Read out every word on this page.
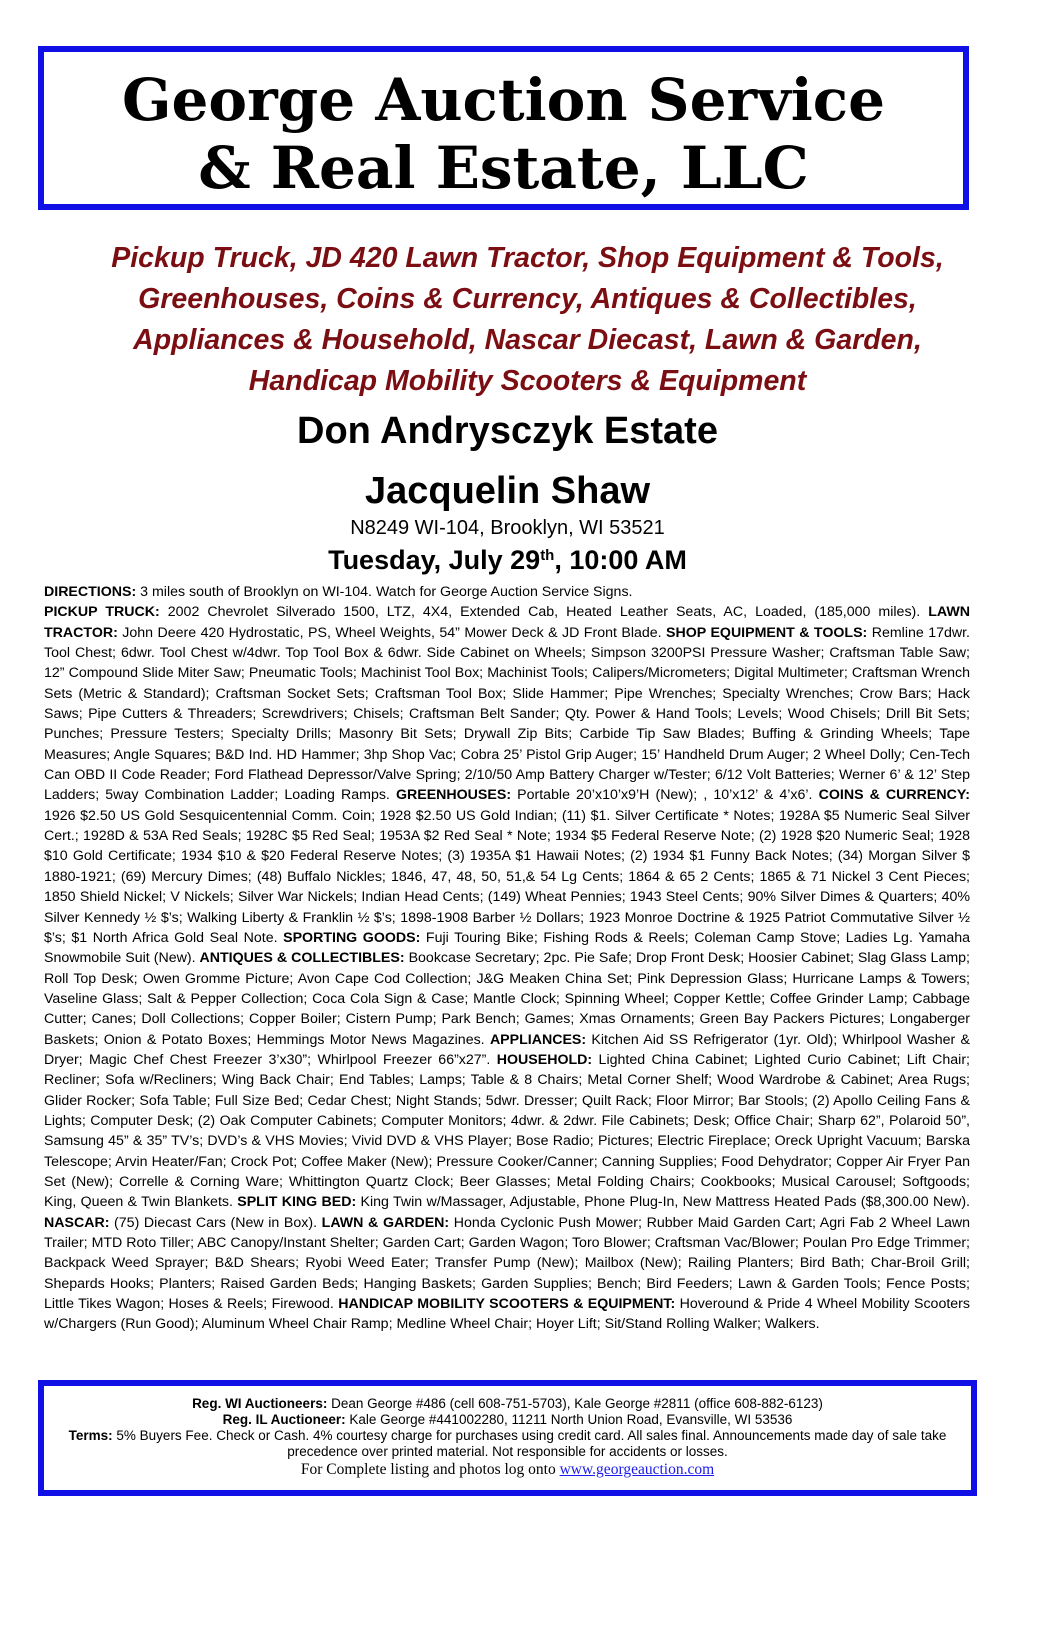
George Auction Service
& Real Estate, LLC
Pickup Truck, JD 420 Lawn Tractor, Shop Equipment & Tools,
Greenhouses, Coins & Currency, Antiques & Collectibles,
Appliances & Household, Nascar Diecast, Lawn & Garden,
Handicap Mobility Scooters & Equipment
Don Andrysczyk Estate
Jacquelin Shaw
N8249 WI-104, Brooklyn, WI 53521
Tuesday, July 29th, 10:00 AM
DIRECTIONS: 3 miles south of Brooklyn on WI-104. Watch for George Auction Service Signs.
PICKUP TRUCK: 2002 Chevrolet Silverado 1500, LTZ, 4X4, Extended Cab, Heated Leather Seats, AC, Loaded, (185,000 miles). LAWN TRACTOR: John Deere 420 Hydrostatic, PS, Wheel Weights, 54” Mower Deck & JD Front Blade. SHOP EQUIPMENT & TOOLS: Remline 17dwr. Tool Chest; 6dwr. Tool Chest w/4dwr. Top Tool Box & 6dwr. Side Cabinet on Wheels; Simpson 3200PSI Pressure Washer; Craftsman Table Saw; 12” Compound Slide Miter Saw; Pneumatic Tools; Machinist Tool Box; Machinist Tools; Calipers/Micrometers; Digital Multimeter; Craftsman Wrench Sets (Metric & Standard); Craftsman Socket Sets; Craftsman Tool Box; Slide Hammer; Pipe Wrenches; Specialty Wrenches; Crow Bars; Hack Saws; Pipe Cutters & Threaders; Screwdrivers; Chisels; Craftsman Belt Sander; Qty. Power & Hand Tools; Levels; Wood Chisels; Drill Bit Sets; Punches; Pressure Testers; Specialty Drills; Masonry Bit Sets; Drywall Zip Bits; Carbide Tip Saw Blades; Buffing & Grinding Wheels; Tape Measures; Angle Squares; B&D Ind. HD Hammer; 3hp Shop Vac; Cobra 25’ Pistol Grip Auger; 15’ Handheld Drum Auger; 2 Wheel Dolly; Cen-Tech Can OBD II Code Reader; Ford Flathead Depressor/Valve Spring; 2/10/50 Amp Battery Charger w/Tester; 6/12 Volt Batteries; Werner 6’ & 12’ Step Ladders; 5way Combination Ladder; Loading Ramps. GREENHOUSES: Portable 20’x10’x9’H (New); , 10’x12’ & 4’x6’. COINS & CURRENCY: 1926 $2.50 US Gold Sesquicentennial Comm. Coin; 1928 $2.50 US Gold Indian; (11) $1. Silver Certificate * Notes; 1928A $5 Numeric Seal Silver Cert.; 1928D & 53A Red Seals; 1928C $5 Red Seal; 1953A $2 Red Seal * Note; 1934 $5 Federal Reserve Note; (2) 1928 $20 Numeric Seal; 1928 $10 Gold Certificate; 1934 $10 & $20 Federal Reserve Notes; (3) 1935A $1 Hawaii Notes; (2) 1934 $1 Funny Back Notes; (34) Morgan Silver $ 1880-1921; (69) Mercury Dimes; (48) Buffalo Nickles; 1846, 47, 48, 50, 51,& 54 Lg Cents; 1864 & 65 2 Cents; 1865 & 71 Nickel 3 Cent Pieces; 1850 Shield Nickel; V Nickels; Silver War Nickels; Indian Head Cents; (149) Wheat Pennies; 1943 Steel Cents; 90% Silver Dimes & Quarters; 40% Silver Kennedy ½ $’s; Walking Liberty & Franklin ½ $’s; 1898-1908 Barber ½ Dollars; 1923 Monroe Doctrine & 1925 Patriot Commutative Silver ½ $’s; $1 North Africa Gold Seal Note. SPORTING GOODS: Fuji Touring Bike; Fishing Rods & Reels; Coleman Camp Stove; Ladies Lg. Yamaha Snowmobile Suit (New). ANTIQUES & COLLECTIBLES: Bookcase Secretary; 2pc. Pie Safe; Drop Front Desk; Hoosier Cabinet; Slag Glass Lamp; Roll Top Desk; Owen Gromme Picture; Avon Cape Cod Collection; J&G Meaken China Set; Pink Depression Glass; Hurricane Lamps & Towers; Vaseline Glass; Salt & Pepper Collection; Coca Cola Sign & Case; Mantle Clock; Spinning Wheel; Copper Kettle; Coffee Grinder Lamp; Cabbage Cutter; Canes; Doll Collections; Copper Boiler; Cistern Pump; Park Bench; Games; Xmas Ornaments; Green Bay Packers Pictures; Longaberger Baskets; Onion & Potato Boxes; Hemmings Motor News Magazines. APPLIANCES: Kitchen Aid SS Refrigerator (1yr. Old); Whirlpool Washer & Dryer; Magic Chef Chest Freezer 3’x30”; Whirlpool Freezer 66”x27”. HOUSEHOLD: Lighted China Cabinet; Lighted Curio Cabinet; Lift Chair; Recliner; Sofa w/Recliners; Wing Back Chair; End Tables; Lamps; Table & 8 Chairs; Metal Corner Shelf; Wood Wardrobe & Cabinet; Area Rugs; Glider Rocker; Sofa Table; Full Size Bed; Cedar Chest; Night Stands; 5dwr. Dresser; Quilt Rack; Floor Mirror; Bar Stools; (2) Apollo Ceiling Fans & Lights; Computer Desk; (2) Oak Computer Cabinets; Computer Monitors; 4dwr. & 2dwr. File Cabinets; Desk; Office Chair; Sharp 62”, Polaroid 50”, Samsung 45” & 35” TV’s; DVD’s & VHS Movies; Vivid DVD & VHS Player; Bose Radio; Pictures; Electric Fireplace; Oreck Upright Vacuum; Barska Telescope; Arvin Heater/Fan; Crock Pot; Coffee Maker (New); Pressure Cooker/Canner; Canning Supplies; Food Dehydrator; Copper Air Fryer Pan Set (New); Correlle & Corning Ware; Whittington Quartz Clock; Beer Glasses; Metal Folding Chairs; Cookbooks; Musical Carousel; Softgoods; King, Queen & Twin Blankets. SPLIT KING BED: King Twin w/Massager, Adjustable, Phone Plug-In, New Mattress Heated Pads ($8,300.00 New). NASCAR: (75) Diecast Cars (New in Box). LAWN & GARDEN: Honda Cyclonic Push Mower; Rubber Maid Garden Cart; Agri Fab 2 Wheel Lawn Trailer; MTD Roto Tiller; ABC Canopy/Instant Shelter; Garden Cart; Garden Wagon; Toro Blower; Craftsman Vac/Blower; Poulan Pro Edge Trimmer; Backpack Weed Sprayer; B&D Shears; Ryobi Weed Eater; Transfer Pump (New); Mailbox (New); Railing Planters; Bird Bath; Char-Broil Grill; Shepards Hooks; Planters; Raised Garden Beds; Hanging Baskets; Garden Supplies; Bench; Bird Feeders; Lawn & Garden Tools; Fence Posts; Little Tikes Wagon; Hoses & Reels; Firewood. HANDICAP MOBILITY SCOOTERS & EQUIPMENT: Hoveround & Pride 4 Wheel Mobility Scooters w/Chargers (Run Good); Aluminum Wheel Chair Ramp; Medline Wheel Chair; Hoyer Lift; Sit/Stand Rolling Walker; Walkers.
Reg. WI Auctioneers: Dean George #486 (cell 608-751-5703), Kale George #2811 (office 608-882-6123)
Reg. IL Auctioneer: Kale George #441002280, 11211 North Union Road, Evansville, WI 53536
Terms: 5% Buyers Fee. Check or Cash. 4% courtesy charge for purchases using credit card. All sales final. Announcements made day of sale take precedence over printed material. Not responsible for accidents or losses.
For Complete listing and photos log onto www.georgeauction.com
